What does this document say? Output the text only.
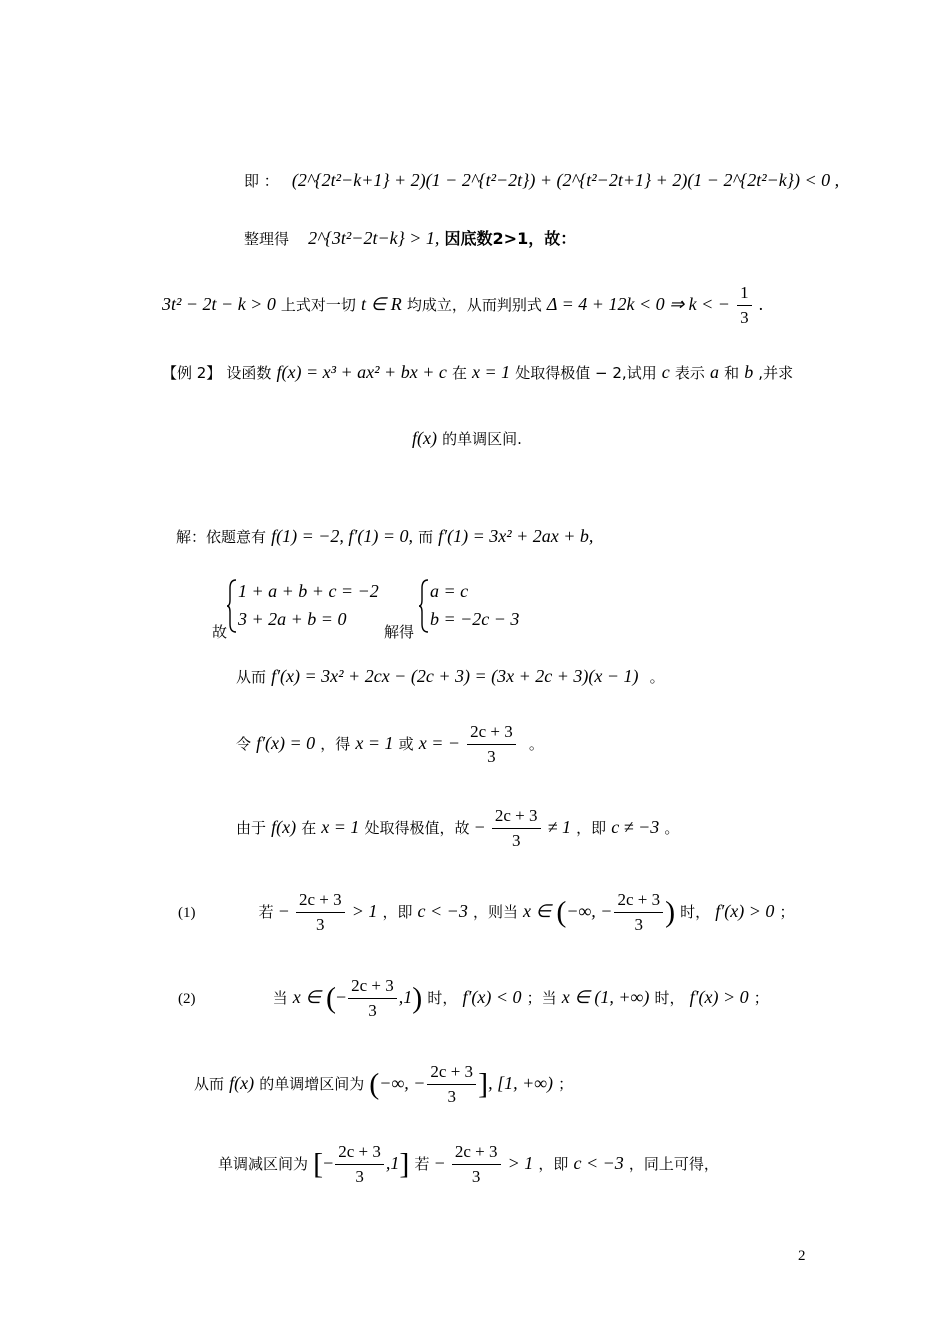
即 ： (2^{2t²−k+1} + 2)(1 − 2^{t²−2t}) + (2^{t²−2t+1} + 2)(1 − 2^{2t²−k}) < 0 ,
整理得 2^{3t²−2t−k} > 1, 因底数2>1，故：
3t² − 2t − k > 0 上式对一切 t ∈ R 均成立，从而判别式 Δ = 4 + 12k < 0 ⇒ k < − $\frac{1}{3}$ .
【例 2】 设函数 f(x) = x³ + ax² + bx + c 在 x = 1 处取得极值 − 2,试用 c 表示 a 和 b ,并求
f(x) 的单调区间.
解：依题意有 f(1) = −2, f′(1) = 0, 而 f′(1) = 3x² + 2ax + b,
故
1 + a + b + c = −2
3 + 2a + b = 0
解得
a = c
b = −2c − 3
从而 f′(x) = 3x² + 2cx − (2c + 3) = (3x + 2c + 3)(x − 1) 。
令 f′(x) = 0 ，得 x = 1 或 x = − $\frac{2c + 3}{3}$ 。
由于 f(x) 在 x = 1 处取得极值，故 − $\frac{2c + 3}{3} \ne 1$ ，即 c ≠ −3 。
(1)	若 − $\frac{2c + 3}{3} > 1$ ，即 c < −3 ，则当 x ∈ (−∞, − $\frac{2c + 3}{3}$ ) 时， f′(x) > 0 ；
(2)	当 x ∈ (− $\frac{2c + 3}{3} ,1$) 时， f′(x) < 0 ；当 x ∈ (1, +∞) 时， f′(x) > 0 ；
从而 f(x) 的单调增区间为 (−∞, − $\frac{2c + 3}{3}$ ], [1, +∞) ；
单调减区间为 [− $\frac{2c + 3}{3} ,1$] 若 − $\frac{2c + 3}{3} > 1$ ，即 c < −3 ，同上可得，
2
